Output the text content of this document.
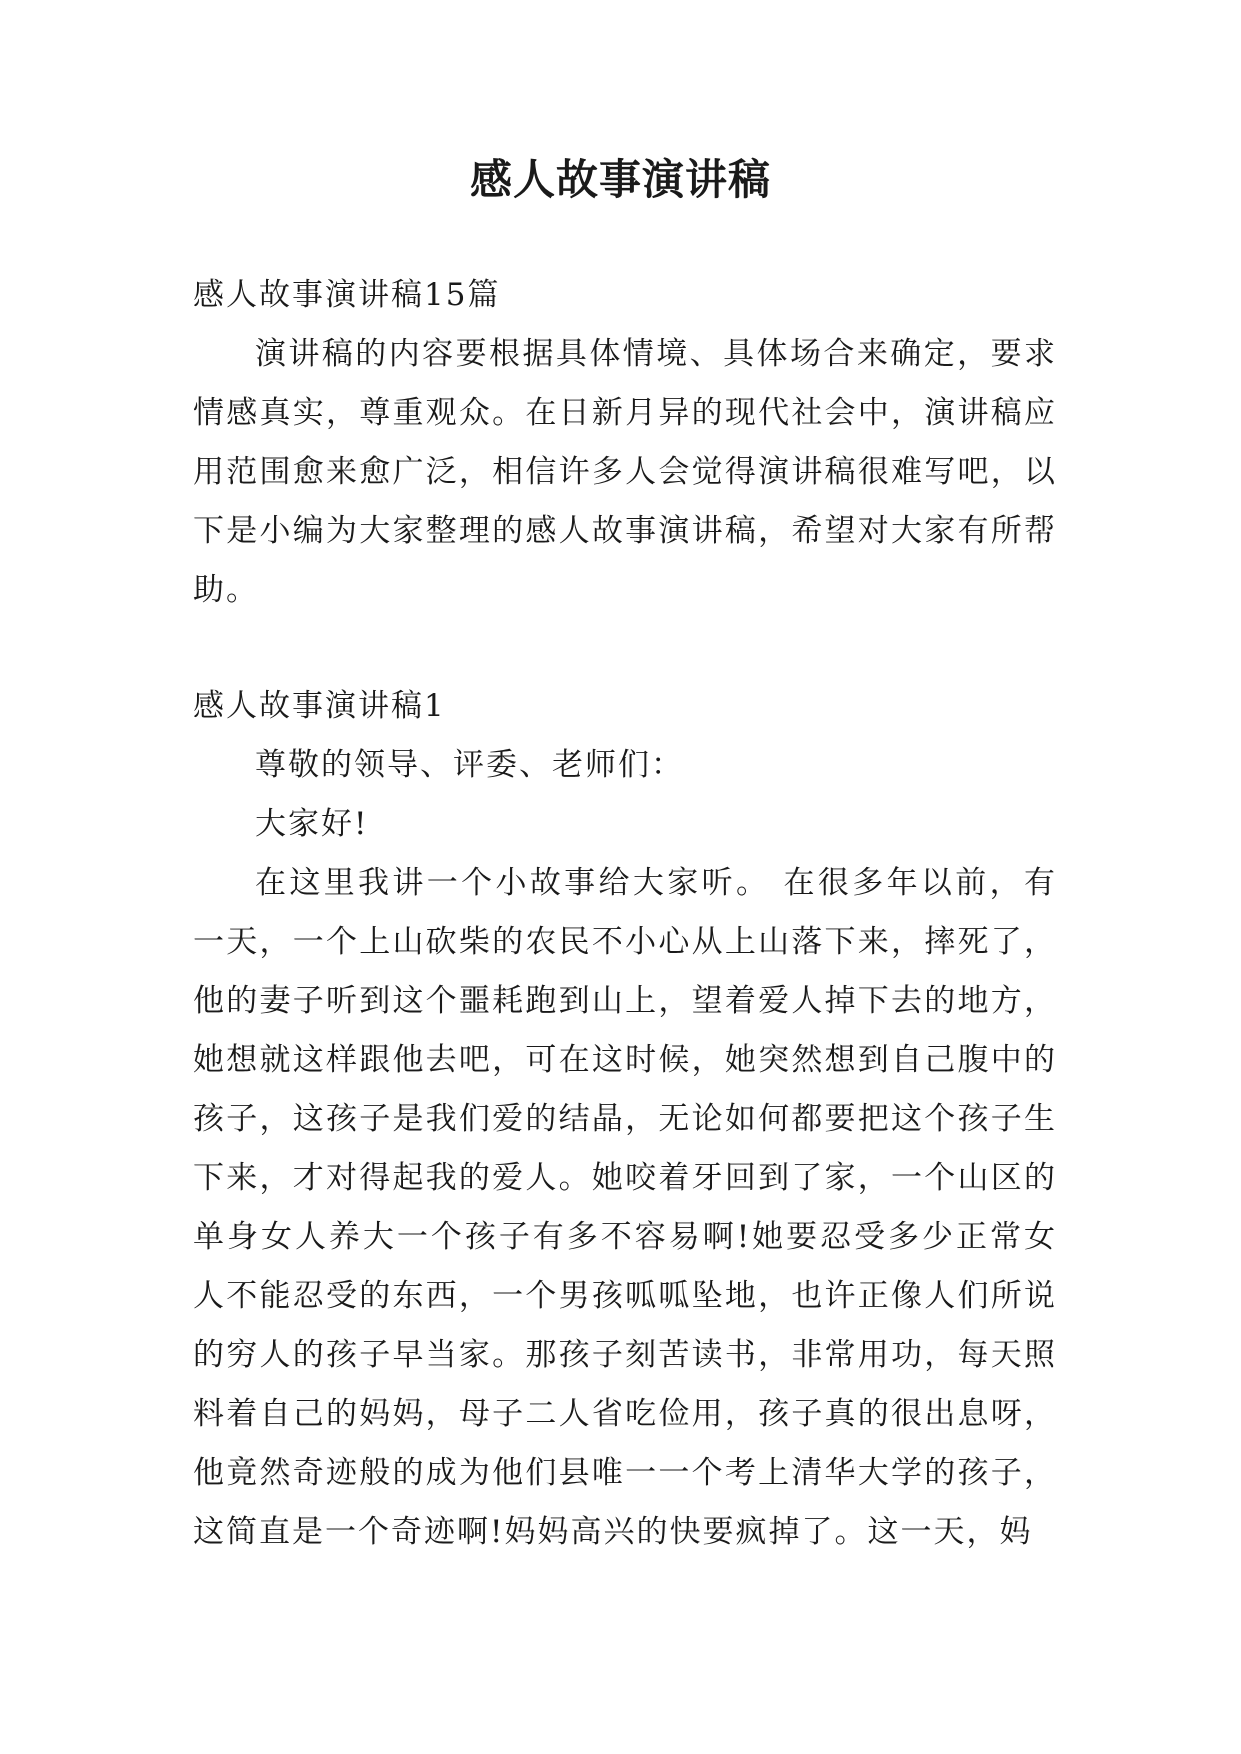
感人故事演讲稿

感人故事演讲稿15篇

演讲稿的内容要根据具体情境、具体场合来确定，要求情感真实，尊重观众。在日新月异的现代社会中，演讲稿应用范围愈来愈广泛，相信许多人会觉得演讲稿很难写吧，以下是小编为大家整理的感人故事演讲稿，希望对大家有所帮助。

感人故事演讲稿1

尊敬的领导、评委、老师们：

大家好!

在这里我讲一个小故事给大家听。 在很多年以前，有一天，一个上山砍柴的农民不小心从上山落下来，摔死了，他的妻子听到这个噩耗跑到山上，望着爱人掉下去的地方，她想就这样跟他去吧，可在这时候，她突然想到自己腹中的孩子，这孩子是我们爱的结晶，无论如何都要把这个孩子生下来，才对得起我的爱人。她咬着牙回到了家，一个山区的单身女人养大一个孩子有多不容易啊!她要忍受多少正常女人不能忍受的东西，一个男孩呱呱坠地，也许正像人们所说的穷人的孩子早当家。那孩子刻苦读书，非常用功，每天照料着自己的妈妈，母子二人省吃俭用，孩子真的很出息呀，他竟然奇迹般的成为他们县唯一一个考上清华大学的孩子，这简直是一个奇迹啊!妈妈高兴的快要疯掉了。这一天，妈
